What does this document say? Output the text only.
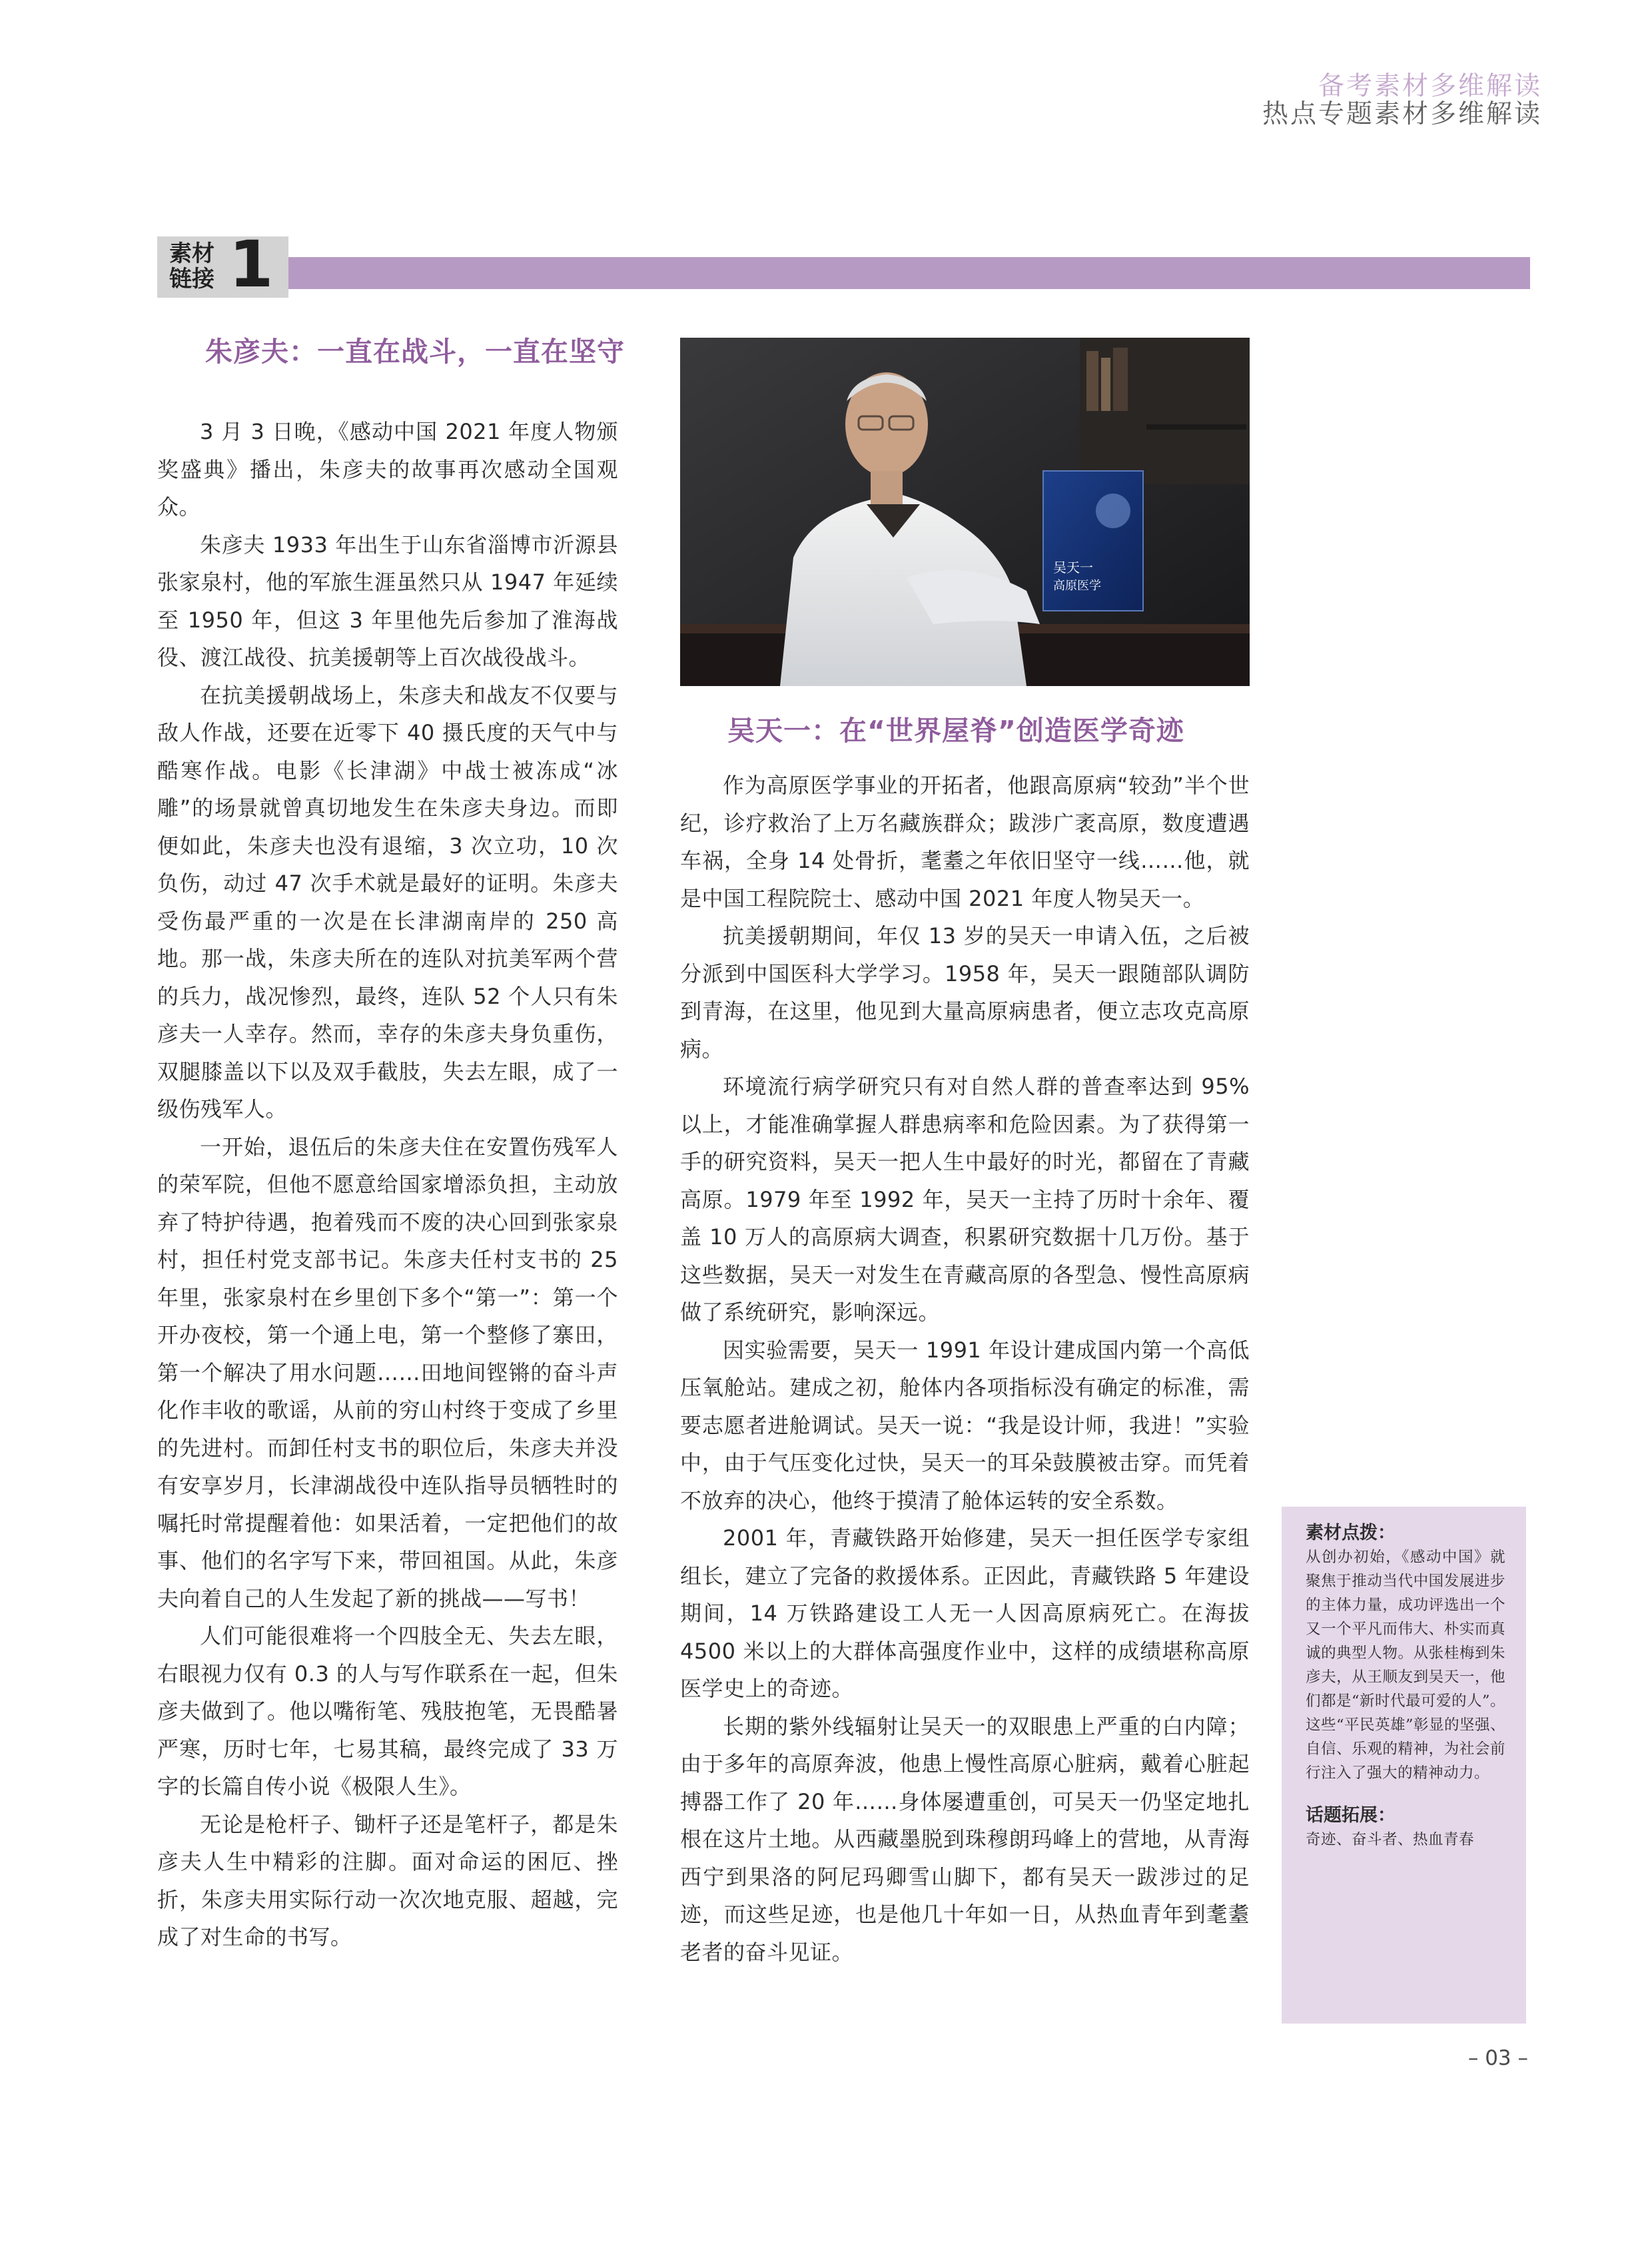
备考素材多维解读
热点专题素材多维解读
素材
链接 1
朱彦夫：一直在战斗，一直在坚守

3 月 3 日晚，《感动中国 2021 年度人物颁奖盛典》播出，朱彦夫的故事再次感动全国观众。

朱彦夫 1933 年出生于山东省淄博市沂源县张家泉村，他的军旅生涯虽然只从 1947 年延续至 1950 年，但这 3 年里他先后参加了淮海战役、渡江战役、抗美援朝等上百次战役战斗。

在抗美援朝战场上，朱彦夫和战友不仅要与敌人作战，还要在近零下 40 摄氏度的天气中与酷寒作战。电影《长津湖》中战士被冻成“冰雕”的场景就曾真切地发生在朱彦夫身边。而即便如此，朱彦夫也没有退缩，3 次立功，10 次负伤，动过 47 次手术就是最好的证明。朱彦夫受伤最严重的一次是在长津湖南岸的 250 高地。那一战，朱彦夫所在的连队对抗美军两个营的兵力，战况惨烈，最终，连队 52 个人只有朱彦夫一人幸存。然而，幸存的朱彦夫身负重伤，双腿膝盖以下以及双手截肢，失去左眼，成了一级伤残军人。

一开始，退伍后的朱彦夫住在安置伤残军人的荣军院，但他不愿意给国家增添负担，主动放弃了特护待遇，抱着残而不废的决心回到张家泉村，担任村党支部书记。朱彦夫任村支书的 25 年里，张家泉村在乡里创下多个“第一”：第一个开办夜校，第一个通上电，第一个整修了寨田，第一个解决了用水问题……田地间铿锵的奋斗声化作丰收的歌谣，从前的穷山村终于变成了乡里的先进村。而卸任村支书的职位后，朱彦夫并没有安享岁月，长津湖战役中连队指导员牺牲时的嘱托时常提醒着他：如果活着，一定把他们的故事、他们的名字写下来，带回祖国。从此，朱彦夫向着自己的人生发起了新的挑战——写书！

人们可能很难将一个四肢全无、失去左眼，右眼视力仅有 0.3 的人与写作联系在一起，但朱彦夫做到了。他以嘴衔笔、残肢抱笔，无畏酷暑严寒，历时七年，七易其稿，最终完成了 33 万字的长篇自传小说《极限人生》。

无论是枪杆子、锄杆子还是笔杆子，都是朱彦夫人生中精彩的注脚。面对命运的困厄、挫折，朱彦夫用实际行动一次次地克服、超越，完成了对生命的书写。

吴天一
高原医学
吴天一：在“世界屋脊”创造医学奇迹

作为高原医学事业的开拓者，他跟高原病“较劲”半个世纪，诊疗救治了上万名藏族群众；跋涉广袤高原，数度遭遇车祸，全身 14 处骨折，耄耋之年依旧坚守一线……他，就是中国工程院院士、感动中国 2021 年度人物吴天一。

抗美援朝期间，年仅 13 岁的吴天一申请入伍，之后被分派到中国医科大学学习。1958 年，吴天一跟随部队调防到青海，在这里，他见到大量高原病患者，便立志攻克高原病。

环境流行病学研究只有对自然人群的普查率达到 95% 以上，才能准确掌握人群患病率和危险因素。为了获得第一手的研究资料，吴天一把人生中最好的时光，都留在了青藏高原。1979 年至 1992 年，吴天一主持了历时十余年、覆盖 10 万人的高原病大调查，积累研究数据十几万份。基于这些数据，吴天一对发生在青藏高原的各型急、慢性高原病做了系统研究，影响深远。

因实验需要，吴天一 1991 年设计建成国内第一个高低压氧舱站。建成之初，舱体内各项指标没有确定的标准，需要志愿者进舱调试。吴天一说：“我是设计师，我进！”实验中，由于气压变化过快，吴天一的耳朵鼓膜被击穿。而凭着不放弃的决心，他终于摸清了舱体运转的安全系数。

2001 年，青藏铁路开始修建，吴天一担任医学专家组组长，建立了完备的救援体系。正因此，青藏铁路 5 年建设期间，14 万铁路建设工人无一人因高原病死亡。在海拔 4500 米以上的大群体高强度作业中，这样的成绩堪称高原医学史上的奇迹。

长期的紫外线辐射让吴天一的双眼患上严重的白内障；由于多年的高原奔波，他患上慢性高原心脏病，戴着心脏起搏器工作了 20 年……身体屡遭重创，可吴天一仍坚定地扎根在这片土地。从西藏墨脱到珠穆朗玛峰上的营地，从青海西宁到果洛的阿尼玛卿雪山脚下，都有吴天一跋涉过的足迹，而这些足迹，也是他几十年如一日，从热血青年到耄耋老者的奋斗见证。

素材点拨：
从创办初始，《感动中国》就聚焦于推动当代中国发展进步的主体力量，成功评选出一个又一个平凡而伟大、朴实而真诚的典型人物。从张桂梅到朱彦夫，从王顺友到吴天一，他们都是“新时代最可爱的人”。这些“平民英雄”彰显的坚强、自信、乐观的精神，为社会前行注入了强大的精神动力。
话题拓展：
奇迹、奋斗者、热血青春
– 03 –
